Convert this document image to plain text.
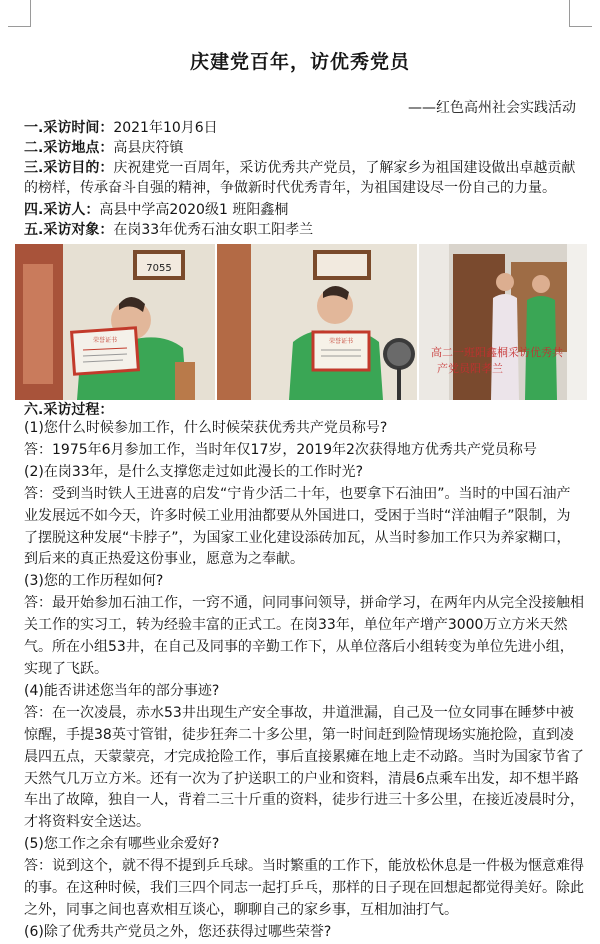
庆建党百年，访优秀党员
——红色高州社会实践活动
一.采访时间：2021年10月6日
二.采访地点：高县庆符镇
三.采访目的：庆祝建党一百周年，采访优秀共产党员，了解家乡为祖国建设做出卓越贡献的榜样，传承奋斗自强的精神，争做新时代优秀青年，为祖国建设尽一份自己的力量。
四.采访人：高县中学高2020级1 班阳鑫桐
五.采访对象：在岗33年优秀石油女职工阳孝兰
7055
荣誉证书	荣誉证书
高二一班阳鑫桐采访优秀共
产党员阳孝兰
六.采访过程：

(1)您什么时候参加工作，什么时候荣获优秀共产党员称号?

答：1975年6月参加工作，当时年仅17岁，2019年2次获得地方优秀共产党员称号

(2)在岗33年，是什么支撑您走过如此漫长的工作时光?

答：受到当时铁人王进喜的启发“宁肯少活二十年，也要拿下石油田”。当时的中国石油产业发展远不如今天，许多时候工业用油都要从外国进口，受困于当时“洋油帽子”限制，为了摆脱这种发展“卡脖子”，为国家工业化建设添砖加瓦，从当时参加工作只为养家糊口，到后来的真正热爱这份事业，愿意为之奉献。

(3)您的工作历程如何?

答：最开始参加石油工作，一窍不通，问同事问领导，拼命学习，在两年内从完全没接触相关工作的实习工，转为经验丰富的正式工。在岗33年，单位年产增产3000万立方米天然气。所在小组53井，在自己及同事的辛勤工作下，从单位落后小组转变为单位先进小组，实现了飞跃。

(4)能否讲述您当年的部分事迹?

答：在一次凌晨，赤水53井出现生产安全事故，井道泄漏，自己及一位女同事在睡梦中被惊醒，手提38英寸管钳，徒步狂奔二十多公里，第一时间赶到险情现场实施抢险，直到凌晨四五点，天蒙蒙亮，才完成抢险工作，事后直接累瘫在地上走不动路。当时为国家节省了天然气几万立方米。还有一次为了护送职工的户业和资料，清晨6点乘车出发，却不想半路车出了故障，独自一人，背着二三十斤重的资料，徒步行进三十多公里，在接近凌晨时分，才将资料安全送达。

(5)您工作之余有哪些业余爱好?

答：说到这个，就不得不提到乒乓球。当时繁重的工作下，能放松休息是一件极为惬意难得的事。在这种时候，我们三四个同志一起打乒乓，那样的日子现在回想起都觉得美好。除此之外，同事之间也喜欢相互谈心，聊聊自己的家乡事，互相加油打气。

(6)除了优秀共产党员之外，您还获得过哪些荣誉?
